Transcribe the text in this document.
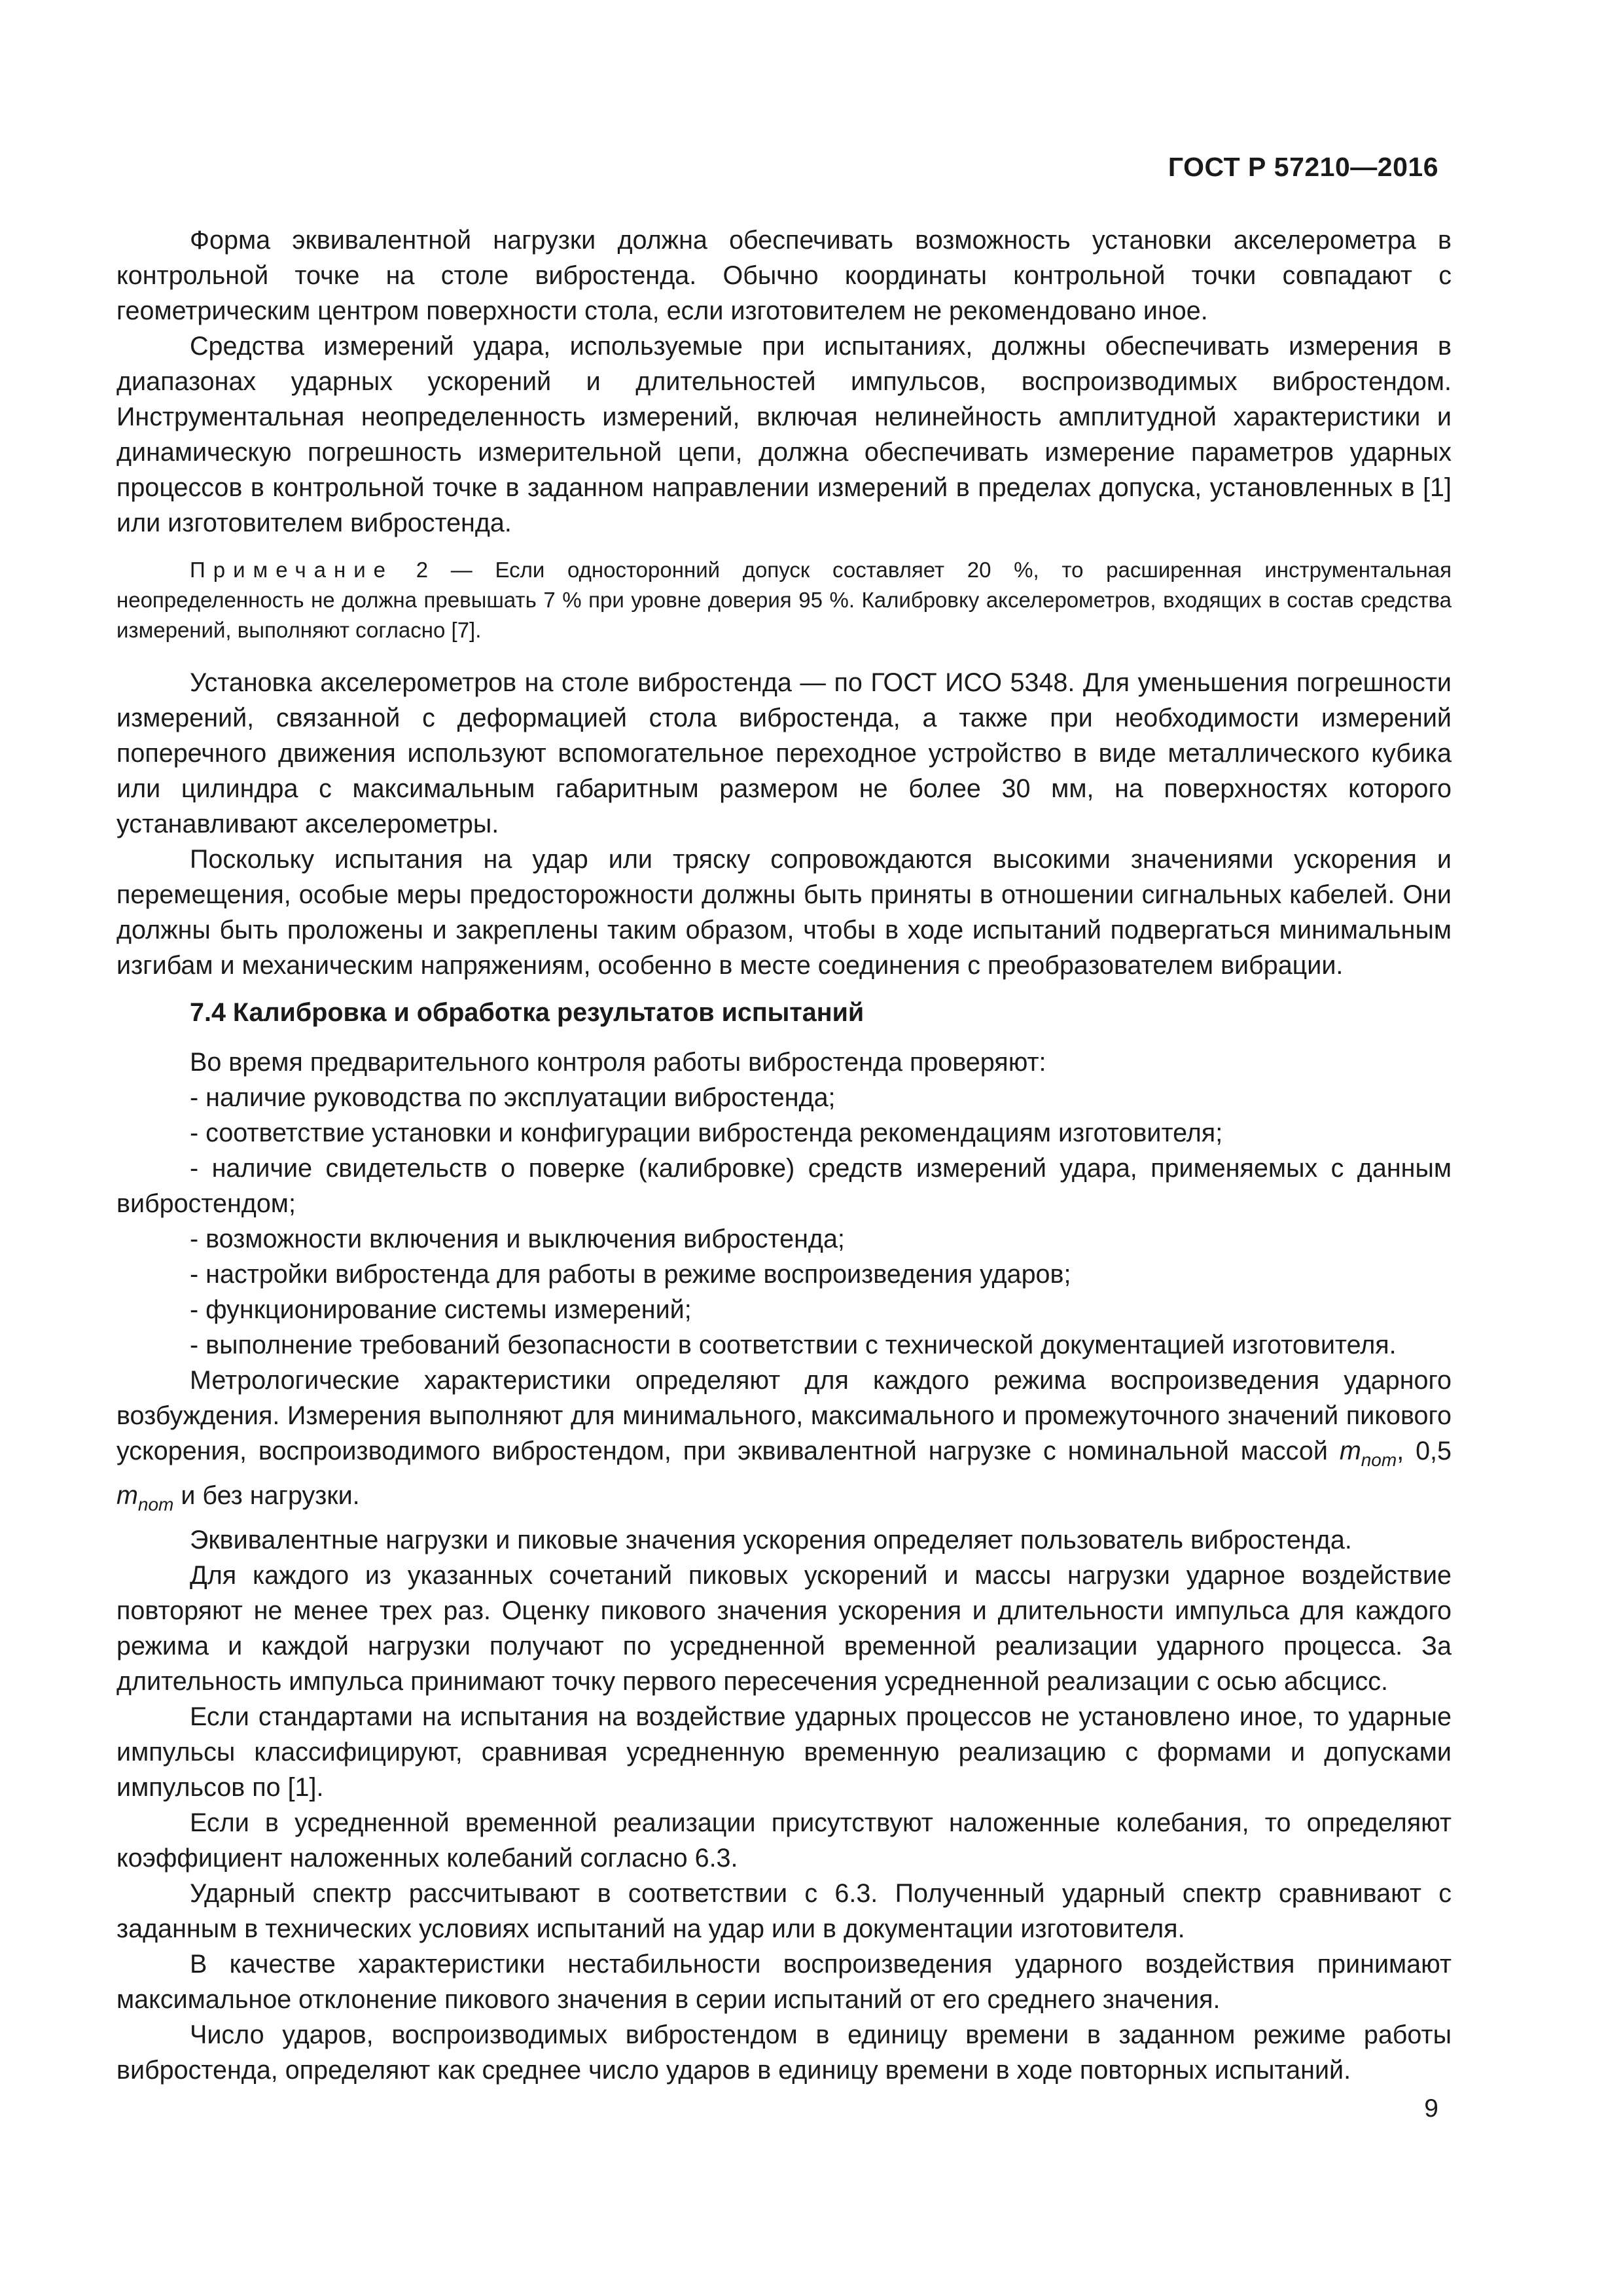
ГОСТ Р 57210—2016

Форма эквивалентной нагрузки должна обеспечивать возможность установки акселерометра в контрольной точке на столе вибростенда. Обычно координаты контрольной точки совпадают с геометрическим центром поверхности стола, если изготовителем не рекомендовано иное.

Средства измерений удара, используемые при испытаниях, должны обеспечивать измерения в диапазонах ударных ускорений и длительностей импульсов, воспроизводимых вибростендом. Инструментальная неопределенность измерений, включая нелинейность амплитудной характеристики и динамическую погрешность измерительной цепи, должна обеспечивать измерение параметров ударных процессов в контрольной точке в заданном направлении измерений в пределах допуска, установленных в [1] или изготовителем вибростенда.

Примечание 2 — Если односторонний допуск составляет 20 %, то расширенная инструментальная неопределенность не должна превышать 7 % при уровне доверия 95 %. Калибровку акселерометров, входящих в состав средства измерений, выполняют согласно [7].

Установка акселерометров на столе вибростенда — по ГОСТ ИСО 5348. Для уменьшения погрешности измерений, связанной с деформацией стола вибростенда, а также при необходимости измерений поперечного движения используют вспомогательное переходное устройство в виде металлического кубика или цилиндра с максимальным габаритным размером не более 30 мм, на поверхностях которого устанавливают акселерометры.

Поскольку испытания на удар или тряску сопровождаются высокими значениями ускорения и перемещения, особые меры предосторожности должны быть приняты в отношении сигнальных кабелей. Они должны быть проложены и закреплены таким образом, чтобы в ходе испытаний подвергаться минимальным изгибам и механическим напряжениям, особенно в месте соединения с преобразователем вибрации.

7.4 Калибровка и обработка результатов испытаний

Во время предварительного контроля работы вибростенда проверяют:

- наличие руководства по эксплуатации вибростенда;

- соответствие установки и конфигурации вибростенда рекомендациям изготовителя;

- наличие свидетельств о поверке (калибровке) средств измерений удара, применяемых с данным вибростендом;

- возможности включения и выключения вибростенда;

- настройки вибростенда для работы в режиме воспроизведения ударов;

- функционирование системы измерений;

- выполнение требований безопасности в соответствии с технической документацией изготовителя.

Метрологические характеристики определяют для каждого режима воспроизведения ударного возбуждения. Измерения выполняют для минимального, максимального и промежуточного значений пикового ускорения, воспроизводимого вибростендом, при эквивалентной нагрузке с номинальной массой $m_{nom}$, 0,5 $m_{nom}$ и без нагрузки.

Эквивалентные нагрузки и пиковые значения ускорения определяет пользователь вибростенда.

Для каждого из указанных сочетаний пиковых ускорений и массы нагрузки ударное воздействие повторяют не менее трех раз. Оценку пикового значения ускорения и длительности импульса для каждого режима и каждой нагрузки получают по усредненной временной реализации ударного процесса. За длительность импульса принимают точку первого пересечения усредненной реализации с осью абсцисс.

Если стандартами на испытания на воздействие ударных процессов не установлено иное, то ударные импульсы классифицируют, сравнивая усредненную временную реализацию с формами и допусками импульсов по [1].

Если в усредненной временной реализации присутствуют наложенные колебания, то определяют коэффициент наложенных колебаний согласно 6.3.

Ударный спектр рассчитывают в соответствии с 6.3. Полученный ударный спектр сравнивают с заданным в технических условиях испытаний на удар или в документации изготовителя.

В качестве характеристики нестабильности воспроизведения ударного воздействия принимают максимальное отклонение пикового значения в серии испытаний от его среднего значения.

Число ударов, воспроизводимых вибростендом в единицу времени в заданном режиме работы вибростенда, определяют как среднее число ударов в единицу времени в ходе повторных испытаний.

9
